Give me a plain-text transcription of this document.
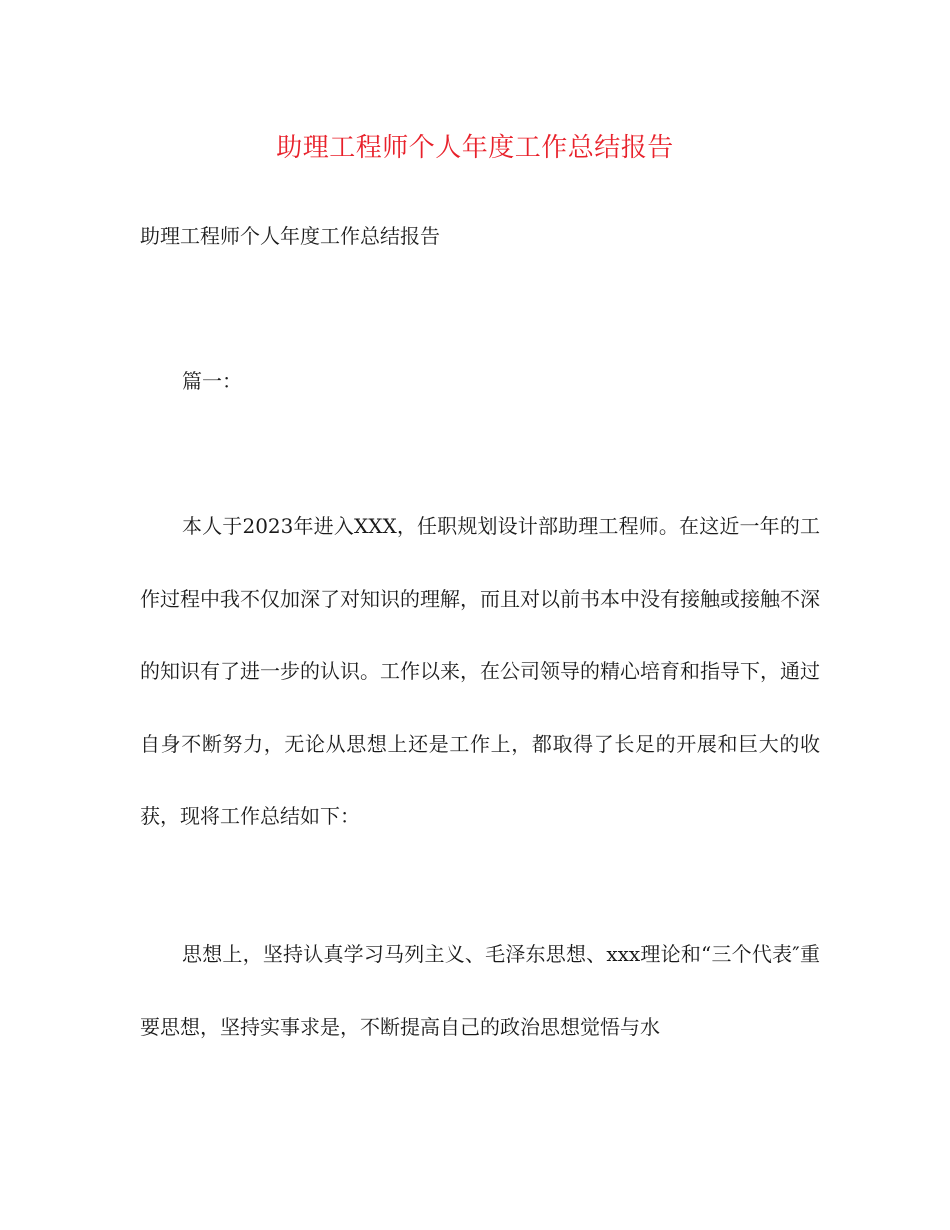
助理工程师个人年度工作总结报告

助理工程师个人年度工作总结报告

篇一：

本人于2023年进入XXX，任职规划设计部助理工程师。在这近一年的工作过程中我不仅加深了对知识的理解，而且对以前书本中没有接触或接触不深的知识有了进一步的认识。工作以来，在公司领导的精心培育和指导下，通过自身不断努力，无论从思想上还是工作上，都取得了长足的开展和巨大的收获，现将工作总结如下：

思想上，坚持认真学习马列主义、毛泽东思想、xxx理论和“三个代表″重要思想，坚持实事求是，不断提高自己的政治思想觉悟与水
